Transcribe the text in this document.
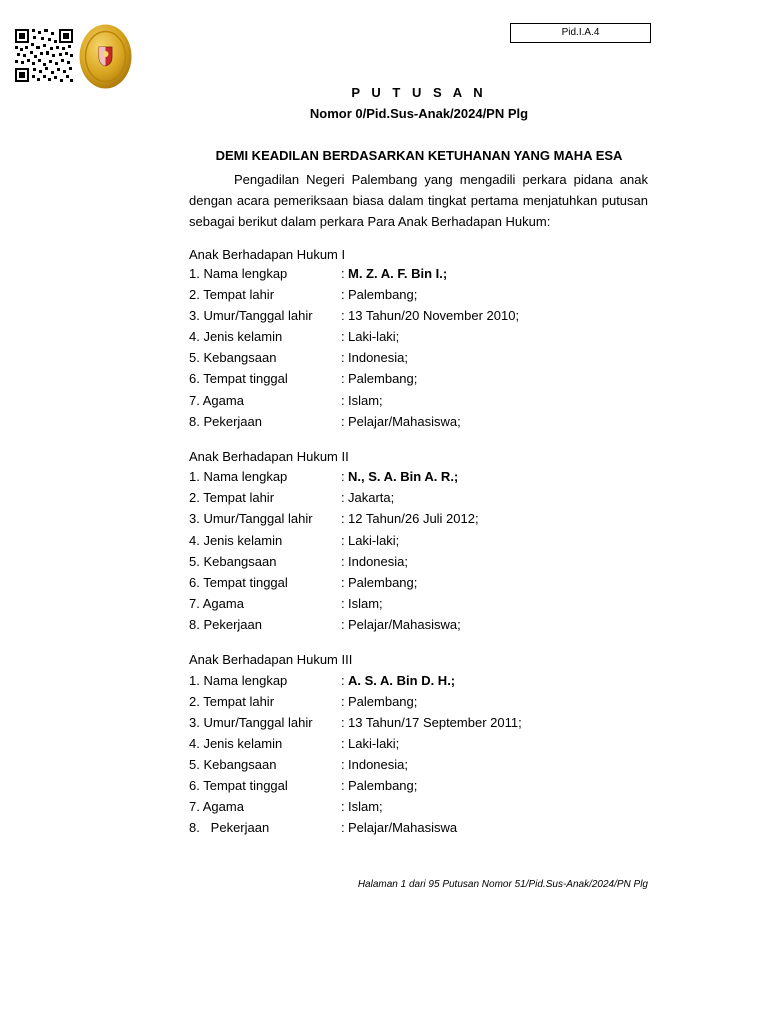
Pid.I.A.4
P U T U S A N
Nomor 0/Pid.Sus-Anak/2024/PN Plg
DEMI KEADILAN BERDASARKAN KETUHANAN YANG MAHA ESA

Pengadilan Negeri Palembang yang mengadili perkara pidana anak dengan acara pemeriksaan biasa dalam tingkat pertama menjatuhkan putusan sebagai berikut dalam perkara Para Anak Berhadapan Hukum:

Anak Berhadapan Hukum I
1. Nama lengkap	: M. Z. A. F. Bin I.;
2. Tempat lahir	: Palembang;
3. Umur/Tanggal lahir : 13 Tahun/20 November 2010;
4. Jenis kelamin	: Laki-laki;
5. Kebangsaan	: Indonesia;
6. Tempat tinggal	: Palembang;
7. Agama	: Islam;
8. Pekerjaan	: Pelajar/Mahasiswa;
Anak Berhadapan Hukum II
1. Nama lengkap	: N., S. A. Bin A. R.;
2. Tempat lahir	: Jakarta;
3. Umur/Tanggal lahir : 12 Tahun/26 Juli 2012;
4. Jenis kelamin	: Laki-laki;
5. Kebangsaan	: Indonesia;
6. Tempat tinggal	: Palembang;
7. Agama	: Islam;
8. Pekerjaan	: Pelajar/Mahasiswa;
Anak Berhadapan Hukum III
1. Nama lengkap	: A. S. A. Bin D. H.;
2. Tempat lahir	: Palembang;
3. Umur/Tanggal lahir : 13 Tahun/17 September 2011;
4. Jenis kelamin	: Laki-laki;
5. Kebangsaan	: Indonesia;
6. Tempat tinggal	: Palembang;
7. Agama	: Islam;
8.   Pekerjaan	: Pelajar/Mahasiswa
Halaman 1 dari 95 Putusan Nomor 51/Pid.Sus-Anak/2024/PN Plg
